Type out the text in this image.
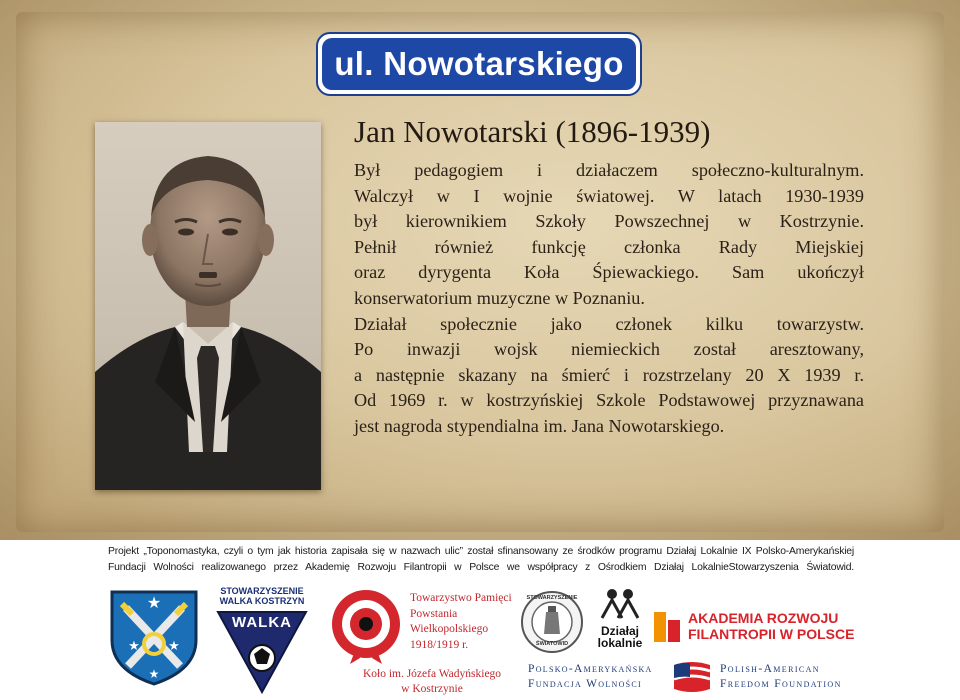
ul. Nowotarskiego
Jan Nowotarski (1896-1939)
Był pedagogiem i działaczem społeczno-kulturalnym.
Walczył w I wojnie światowej. W latach 1930-1939
był kierownikiem Szkoły Powszechnej w Kostrzynie.
Pełnił również funkcję członka Rady Miejskiej
oraz dyrygenta Koła Śpiewackiego. Sam ukończył
konserwatorium muzyczne w Poznaniu.
Działał społecznie jako członek kilku towarzystw.
Po inwazji wojsk niemieckich został aresztowany,
a następnie skazany na śmierć i rozstrzelany 20 X 1939 r.
Od 1969 r. w kostrzyńskiej Szkole Podstawowej przyznawana
jest nagroda stypendialna im. Jana Nowotarskiego.
Projekt „Toponomastyka, czyli o tym jak historia zapisała się w nazwach ulic” został sfinansowany ze środków programu Działaj Lokalnie IX Polsko-Amerykańskiej
Fundacji Wolności realizowanego przez Akademię Rozwoju Filantropii w Polsce we współpracy z Ośrodkiem Działaj LokalnieStowarzyszenia Światowid.
★
★ ★
★
STOWARZYSZENIE
WALKA KOSTRZYN
WALKA
Towarzystwo Pamięci
Powstania
Wielkopolskiego
1918/1919 r.
Koło im. Józefa Wadyńskiego
w Kostrzynie
STOWARZYSZENIE
ŚWIATOWID
Działaj
lokalnie
AKADEMIA ROZWOJU
FILANTROPII W POLSCE
Polsko-Amerykańska
Fundacja Wolności
Polish-American
Freedom Foundation
